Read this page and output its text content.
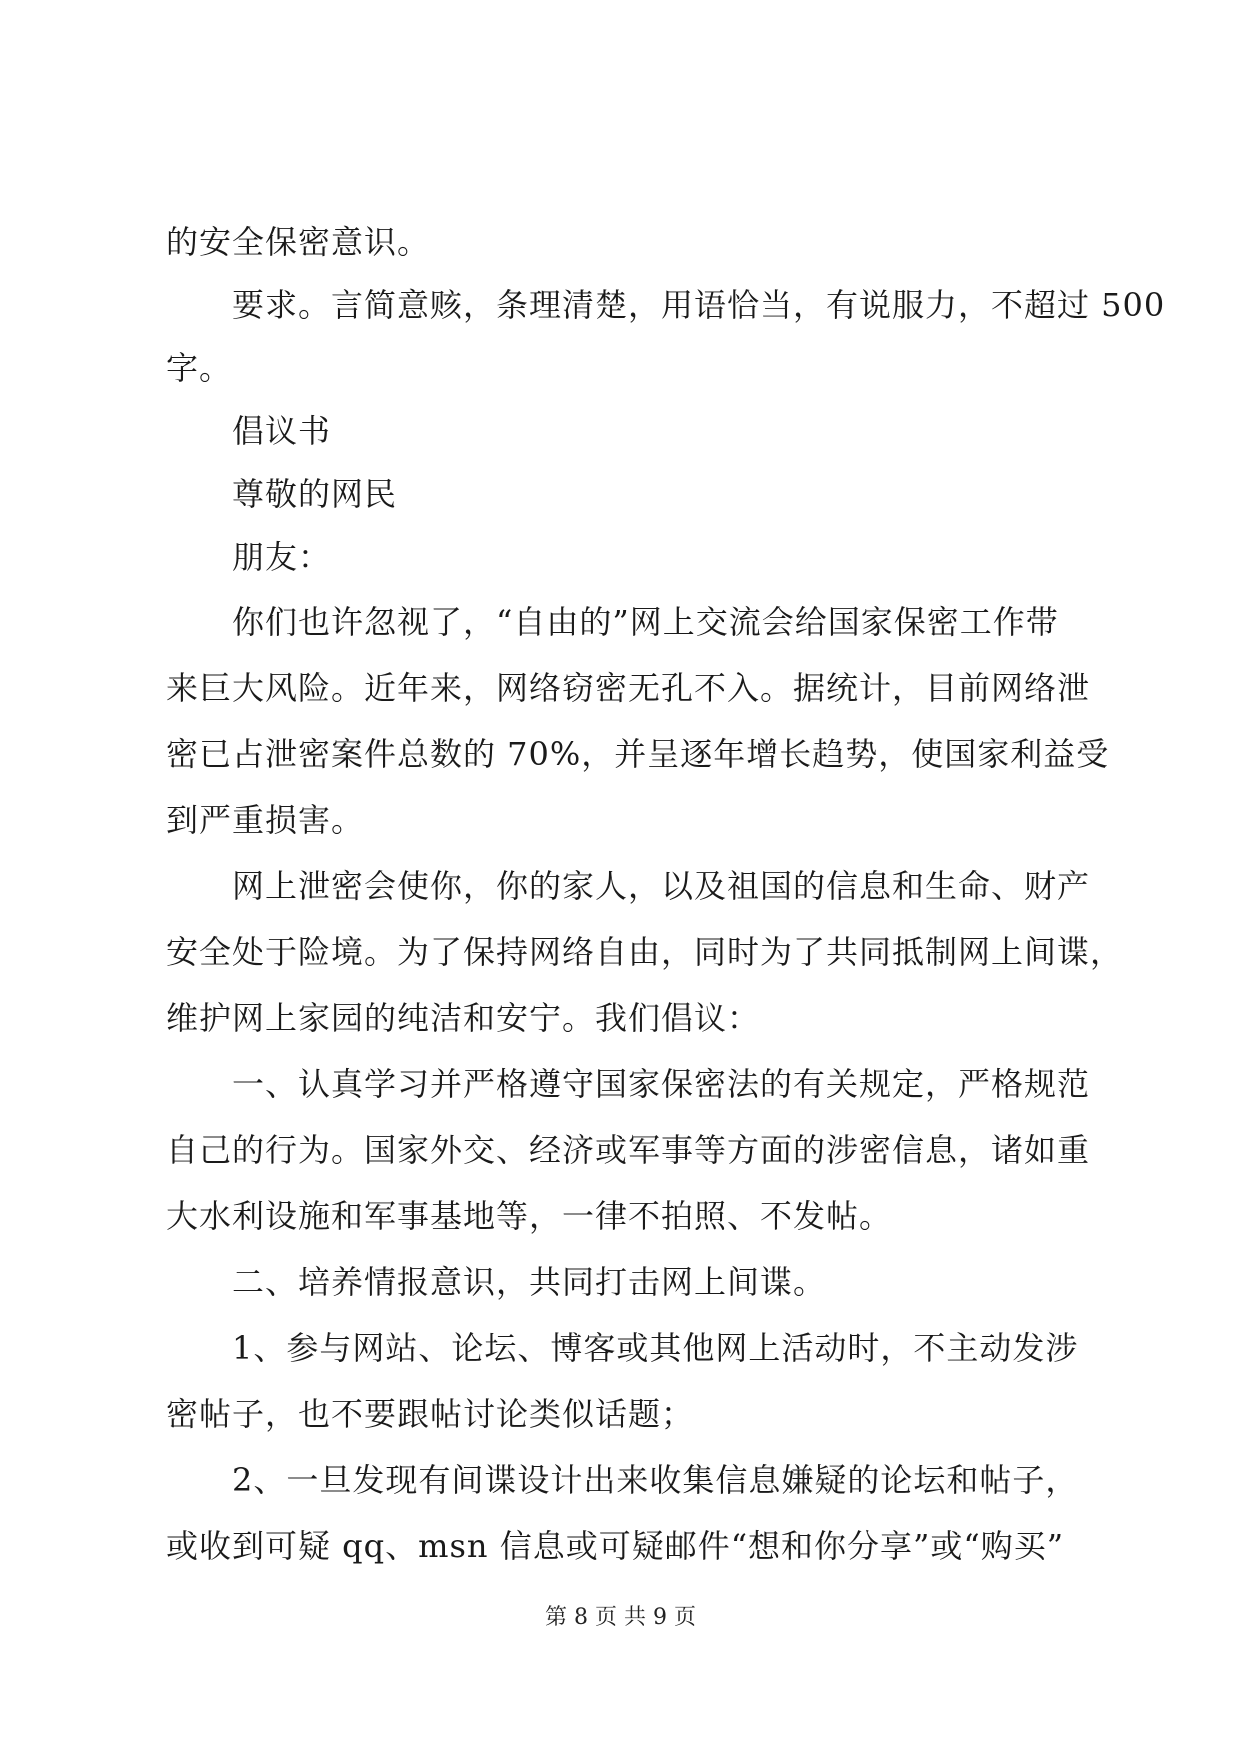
的安全保密意识。
要求。言简意赅，条理清楚，用语恰当，有说服力，不超过 500
字。
倡议书
尊敬的网民
朋友：
你们也许忽视了，“自由的”网上交流会给国家保密工作带
来巨大风险。近年来，网络窃密无孔不入。据统计，目前网络泄
密已占泄密案件总数的 70%，并呈逐年增长趋势，使国家利益受
到严重损害。
网上泄密会使你，你的家人，以及祖国的信息和生命、财产
安全处于险境。为了保持网络自由，同时为了共同抵制网上间谍，
维护网上家园的纯洁和安宁。我们倡议：
一、认真学习并严格遵守国家保密法的有关规定，严格规范
自己的行为。国家外交、经济或军事等方面的涉密信息，诸如重
大水利设施和军事基地等，一律不拍照、不发帖。
二、培养情报意识，共同打击网上间谍。
1、参与网站、论坛、博客或其他网上活动时，不主动发涉
密帖子，也不要跟帖讨论类似话题；
2、一旦发现有间谍设计出来收集信息嫌疑的论坛和帖子，
或收到可疑 qq、msn 信息或可疑邮件“想和你分享”或“购买”
第 8 页 共 9 页
